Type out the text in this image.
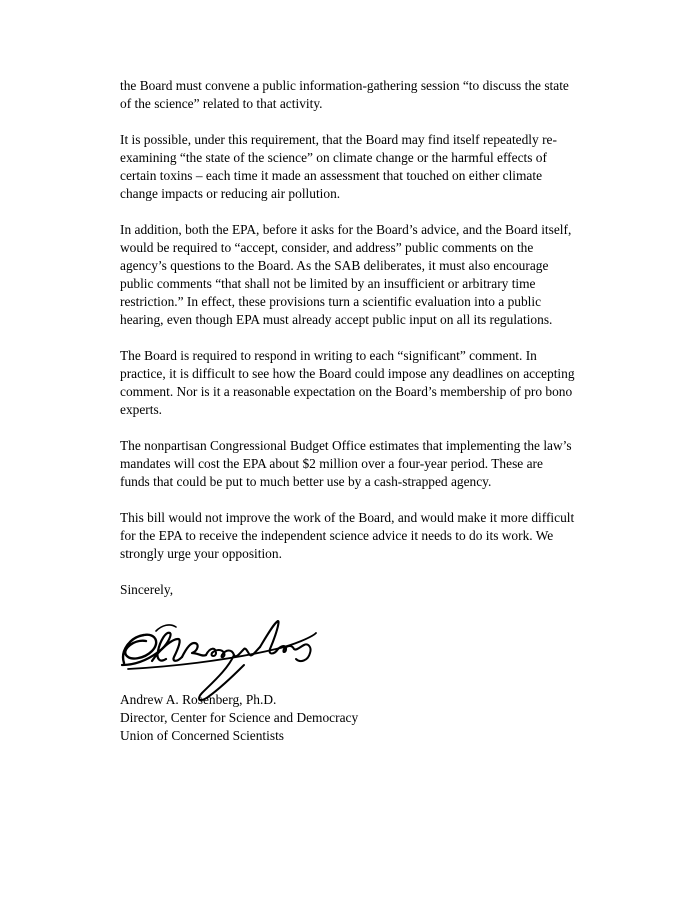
the Board must convene a public information-gathering session “to discuss the state
of the science” related to that activity.

It is possible, under this requirement, that the Board may find itself repeatedly re-
examining “the state of the science” on climate change or the harmful effects of
certain toxins – each time it made an assessment that touched on either climate
change impacts or reducing air pollution.

In addition, both the EPA, before it asks for the Board’s advice, and the Board itself,
would be required to “accept, consider, and address” public comments on the
agency’s questions to the Board. As the SAB deliberates, it must also encourage
public comments “that shall not be limited by an insufficient or arbitrary time
restriction.” In effect, these provisions turn a scientific evaluation into a public
hearing, even though EPA must already accept public input on all its regulations.

The Board is required to respond in writing to each “significant” comment. In
practice, it is difficult to see how the Board could impose any deadlines on accepting
comment. Nor is it a reasonable expectation on the Board’s membership of pro bono
experts.

The nonpartisan Congressional Budget Office estimates that implementing the law’s
mandates will cost the EPA about $2 million over a four-year period. These are
funds that could be put to much better use by a cash-strapped agency.

This bill would not improve the work of the Board, and would make it more difficult
for the EPA to receive the independent science advice it needs to do its work. We
strongly urge your opposition.

Sincerely,

Andrew A. Rosenberg, Ph.D.
Director, Center for Science and Democracy
Union of Concerned Scientists
